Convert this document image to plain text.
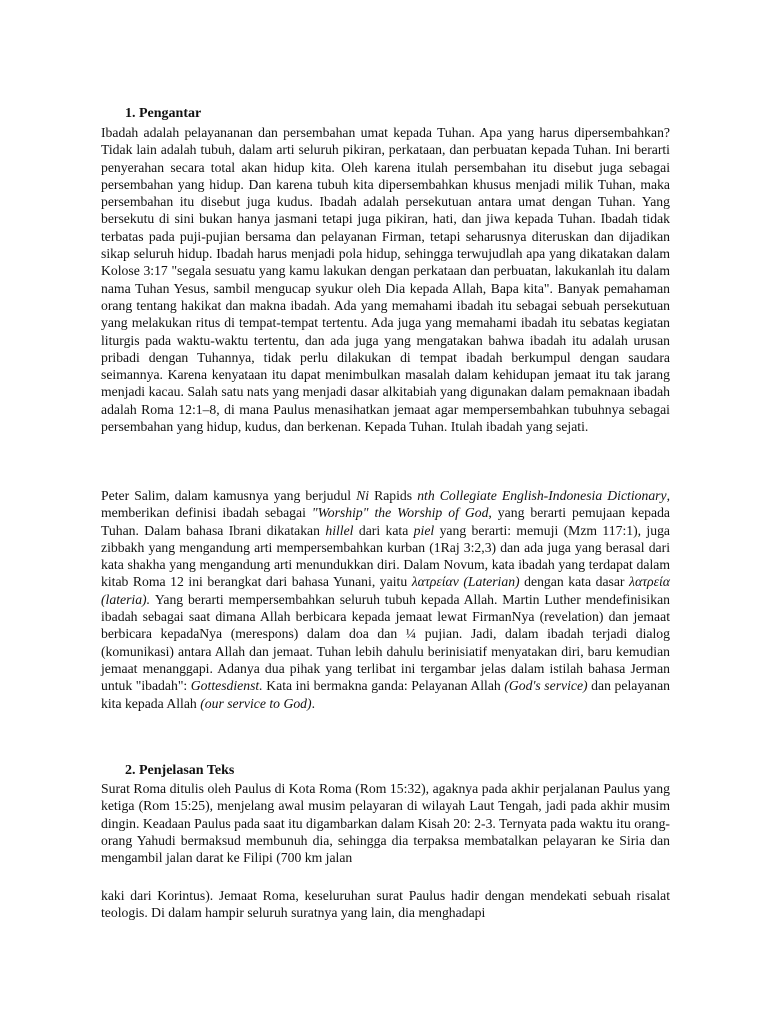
1. Pengantar

Ibadah adalah pelayananan dan persembahan umat kepada Tuhan. Apa yang harus dipersembahkan? Tidak lain adalah tubuh, dalam arti seluruh pikiran, perkataan, dan perbuatan kepada Tuhan. Ini berarti penyerahan secara total akan hidup kita. Oleh karena itulah persembahan itu disebut juga sebagai persembahan yang hidup. Dan karena tubuh kita dipersembahkan khusus menjadi milik Tuhan, maka persembahan itu disebut juga kudus. Ibadah adalah persekutuan antara umat dengan Tuhan. Yang bersekutu di sini bukan hanya jasmani tetapi juga pikiran, hati, dan jiwa kepada Tuhan. Ibadah tidak terbatas pada puji-pujian bersama dan pelayanan Firman, tetapi seharusnya diteruskan dan dijadikan sikap seluruh hidup. Ibadah harus menjadi pola hidup, sehingga terwujudlah apa yang dikatakan dalam Kolose 3:17 "segala sesuatu yang kamu lakukan dengan perkataan dan perbuatan, lakukanlah itu dalam nama Tuhan Yesus, sambil mengucap syukur oleh Dia kepada Allah, Bapa kita". Banyak pemahaman orang tentang hakikat dan makna ibadah. Ada yang memahami ibadah itu sebagai sebuah persekutuan yang melakukan ritus di tempat-tempat tertentu. Ada juga yang memahami ibadah itu sebatas kegiatan liturgis pada waktu-waktu tertentu, dan ada juga yang mengatakan bahwa ibadah itu adalah urusan pribadi dengan Tuhannya, tidak perlu dilakukan di tempat ibadah berkumpul dengan saudara seimannya. Karena kenyataan itu dapat menimbulkan masalah dalam kehidupan jemaat itu tak jarang menjadi kacau. Salah satu nats yang menjadi dasar alkitabiah yang digunakan dalam pemaknaan ibadah adalah Roma 12:1–8, di mana Paulus menasihatkan jemaat agar mempersembahkan tubuhnya sebagai persembahan yang hidup, kudus, dan berkenan. Kepada Tuhan. Itulah ibadah yang sejati.

Peter Salim, dalam kamusnya yang berjudul Ni Rapids nth Collegiate English-Indonesia Dictionary, memberikan definisi ibadah sebagai "Worship" the Worship of God, yang berarti pemujaan kepada Tuhan. Dalam bahasa Ibrani dikatakan hillel dari kata piel yang berarti: memuji (Mzm 117:1), juga zibbakh yang mengandung arti mempersembahkan kurban (1Raj 3:2,3) dan ada juga yang berasal dari kata shakha yang mengandung arti menundukkan diri. Dalam Novum, kata ibadah yang terdapat dalam kitab Roma 12 ini berangkat dari bahasa Yunani, yaitu λατρείαν (Laterian) dengan kata dasar λατρεία (lateria). Yang berarti mempersembahkan seluruh tubuh kepada Allah. Martin Luther mendefinisikan ibadah sebagai saat dimana Allah berbicara kepada jemaat lewat FirmanNya (revelation) dan jemaat berbicara kepadaNya (merespons) dalam doa dan ¼ pujian. Jadi, dalam ibadah terjadi dialog (komunikasi) antara Allah dan jemaat. Tuhan lebih dahulu berinisiatif menyatakan diri, baru kemudian jemaat menanggapi. Adanya dua pihak yang terlibat ini tergambar jelas dalam istilah bahasa Jerman untuk "ibadah": Gottesdienst. Kata ini bermakna ganda: Pelayanan Allah (God's service) dan pelayanan kita kepada Allah (our service to God).

2. Penjelasan Teks

Surat Roma ditulis oleh Paulus di Kota Roma (Rom 15:32), agaknya pada akhir perjalanan Paulus yang ketiga (Rom 15:25), menjelang awal musim pelayaran di wilayah Laut Tengah, jadi pada akhir musim dingin. Keadaan Paulus pada saat itu digambarkan dalam Kisah 20: 2-3. Ternyata pada waktu itu orang-orang Yahudi bermaksud membunuh dia, sehingga dia terpaksa membatalkan pelayaran ke Siria dan mengambil jalan darat ke Filipi (700 km jalan

kaki dari Korintus). Jemaat Roma, keseluruhan surat Paulus hadir dengan mendekati sebuah risalat teologis. Di dalam hampir seluruh suratnya yang lain, dia menghadapi
